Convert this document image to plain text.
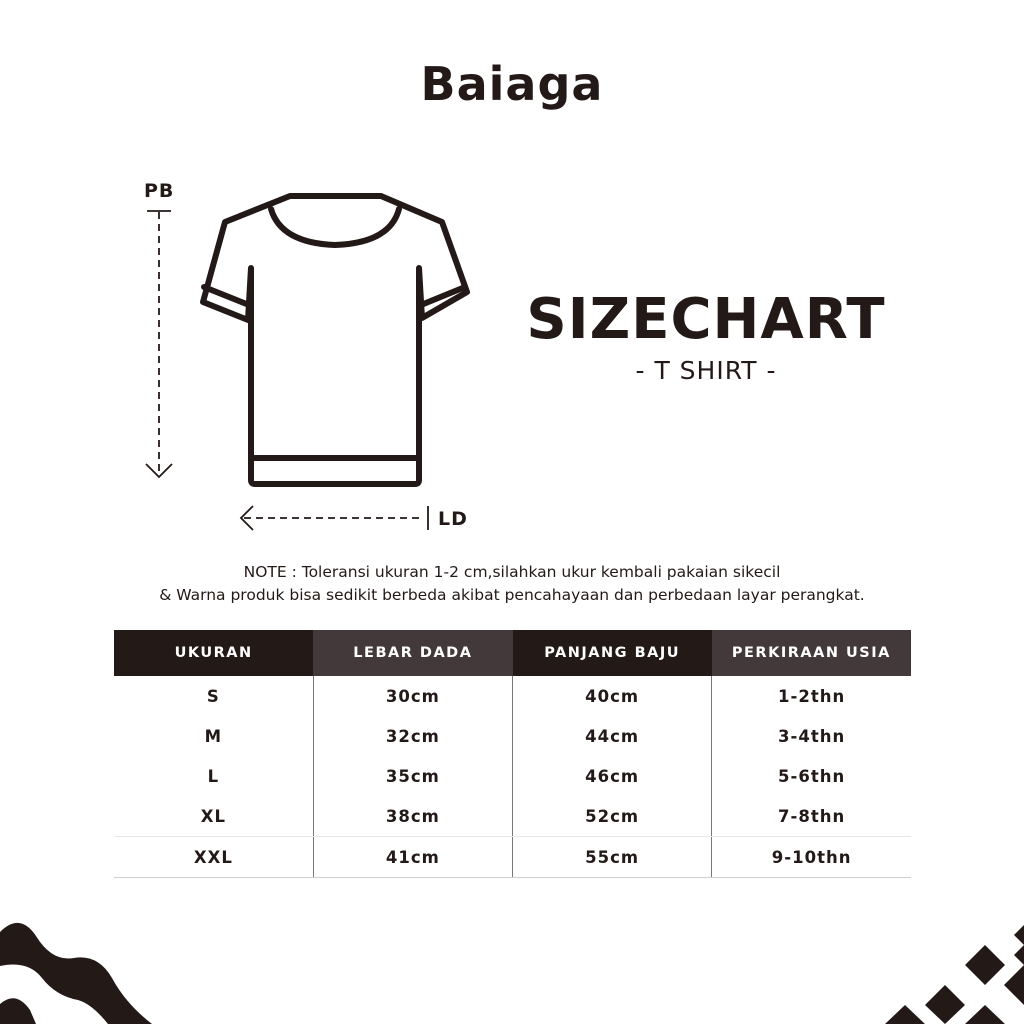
Baiaga
PB
LD
SIZECHART
- T SHIRT -
NOTE : Toleransi ukuran 1-2 cm,silahkan ukur kembali pakaian sikecil
& Warna produk bisa sedikit berbeda akibat pencahayaan dan perbedaan layar perangkat.
UKURAN	LEBAR DADA	PANJANG BAJU	PERKIRAAN USIA
S	30cm	40cm	1-2thn
M	32cm	44cm	3-4thn
L	35cm	46cm	5-6thn
XL	38cm	52cm	7-8thn
XXL	41cm	55cm	9-10thn
